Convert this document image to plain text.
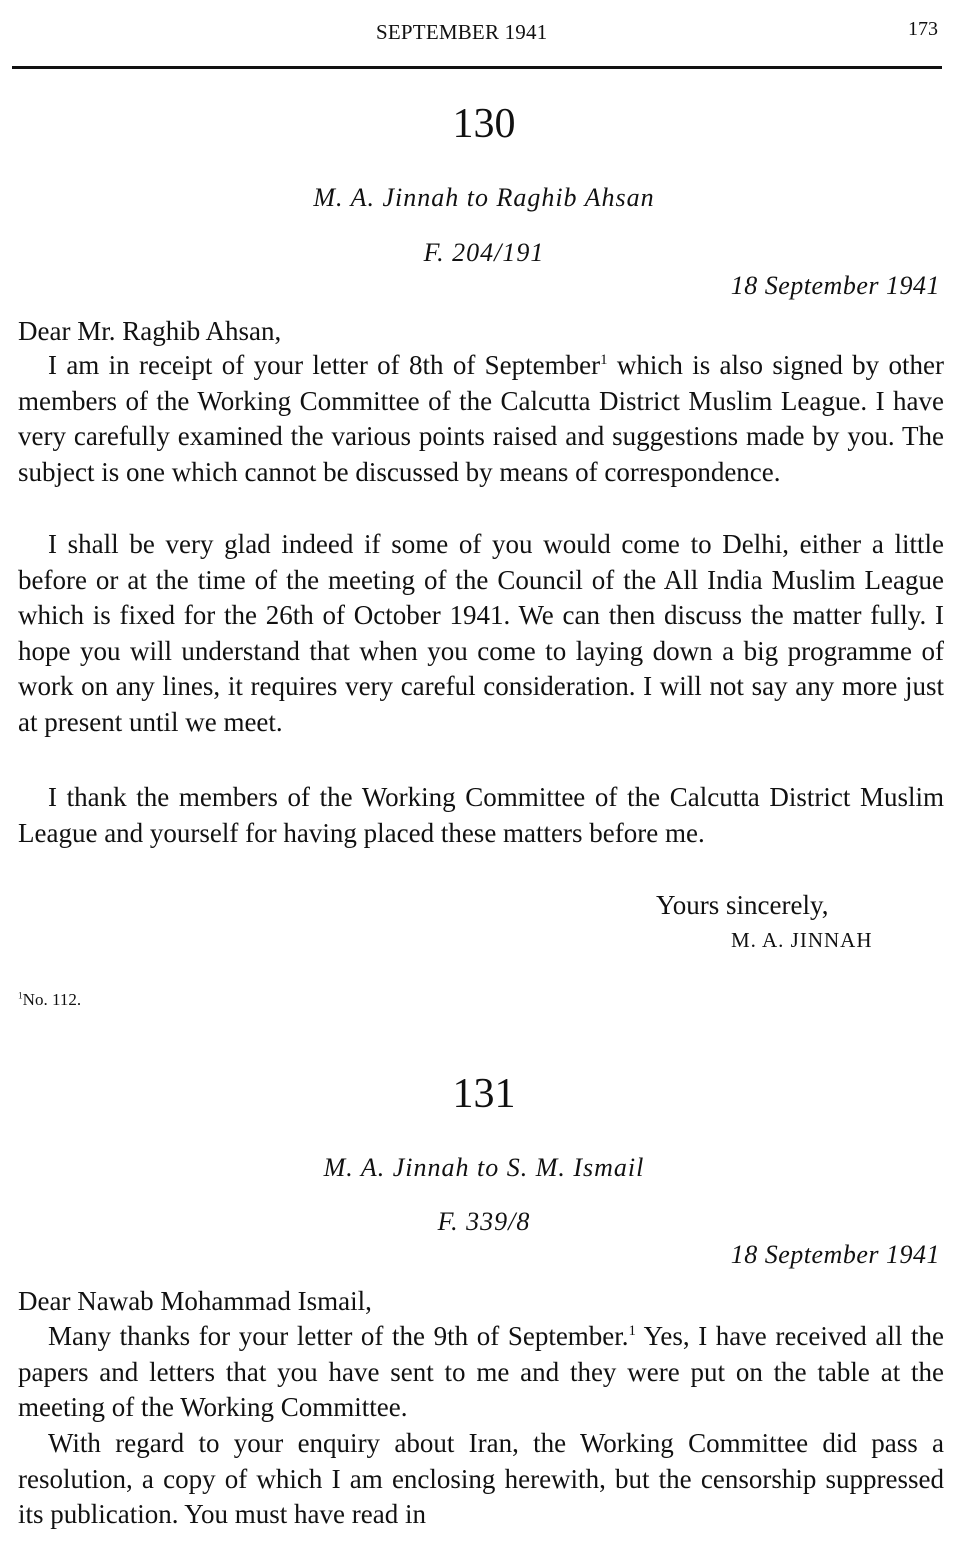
SEPTEMBER 1941	173
130
M. A. Jinnah to Raghib Ahsan
F. 204/191
18 September 1941
Dear Mr. Raghib Ahsan,

I am in receipt of your letter of 8th of September$^1$ which is also signed by other members of the Working Committee of the Calcutta District Muslim League. I have very carefully examined the various points raised and suggestions made by you. The subject is one which cannot be discussed by means of correspondence.

I shall be very glad indeed if some of you would come to Delhi, either a little before or at the time of the meeting of the Council of the All India Muslim League which is fixed for the 26th of October 1941. We can then discuss the matter fully. I hope you will understand that when you come to laying down a big programme of work on any lines, it requires very careful consideration. I will not say any more just at present until we meet.

I thank the members of the Working Committee of the Calcutta District Muslim League and yourself for having placed these matters before me.

Yours sincerely,
M. A. JINNAH
$^1$No. 112.
131
M. A. Jinnah to S. M. Ismail
F. 339/8
18 September 1941
Dear Nawab Mohammad Ismail,

Many thanks for your letter of the 9th of September.$^1$ Yes, I have received all the papers and letters that you have sent to me and they were put on the table at the meeting of the Working Committee.

With regard to your enquiry about Iran, the Working Committee did pass a resolution, a copy of which I am enclosing herewith, but the censorship suppressed its publication. You must have read in
